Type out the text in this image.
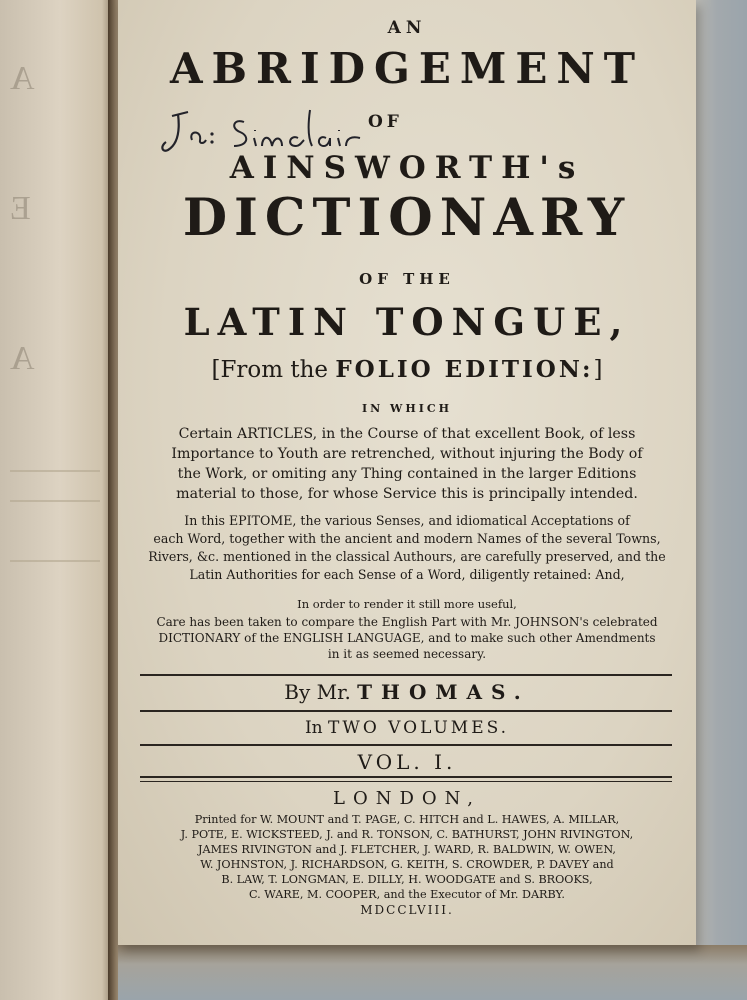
A
E
A
AN
ABRIDGEMENT
OF
AINSWORTH's
DICTIONARY
OF THE
LATIN TONGUE,
[From the FOLIO EDITION:]
IN WHICH
Certain ARTICLES, in the Course of that excellent Book, of less
Importance to Youth are retrenched, without injuring the Body of
the Work, or omiting any Thing contained in the larger Editions
material to those, for whose Service this is principally intended.
In this EPITOME, the various Senses, and idiomatical Acceptations of
each Word, together with the ancient and modern Names of the several Towns,
Rivers, &c. mentioned in the classical Authours, are carefully preserved, and the
Latin Authorities for each Sense of a Word, diligently retained: And,
In order to render it still more useful,
Care has been taken to compare the English Part with Mr. JOHNSON's celebrated
DICTIONARY of the ENGLISH LANGUAGE, and to make such other Amendments
in it as seemed necessary.
By Mr. THOMAS.
In TWO VOLUMES.
VOL. I.
LONDON,
Printed for W. MOUNT and T. PAGE, C. HITCH and L. HAWES, A. MILLAR,
J. POTE, E. WICKSTEED, J. and R. TONSON, C. BATHURST, JOHN RIVINGTON,
JAMES RIVINGTON and J. FLETCHER, J. WARD, R. BALDWIN, W. OWEN,
W. JOHNSTON, J. RICHARDSON, G. KEITH, S. CROWDER, P. DAVEY and
B. LAW, T. LONGMAN, E. DILLY, H. WOODGATE and S. BROOKS,
C. WARE, M. COOPER, and the Executor of Mr. DARBY.
MDCCLVIII.
